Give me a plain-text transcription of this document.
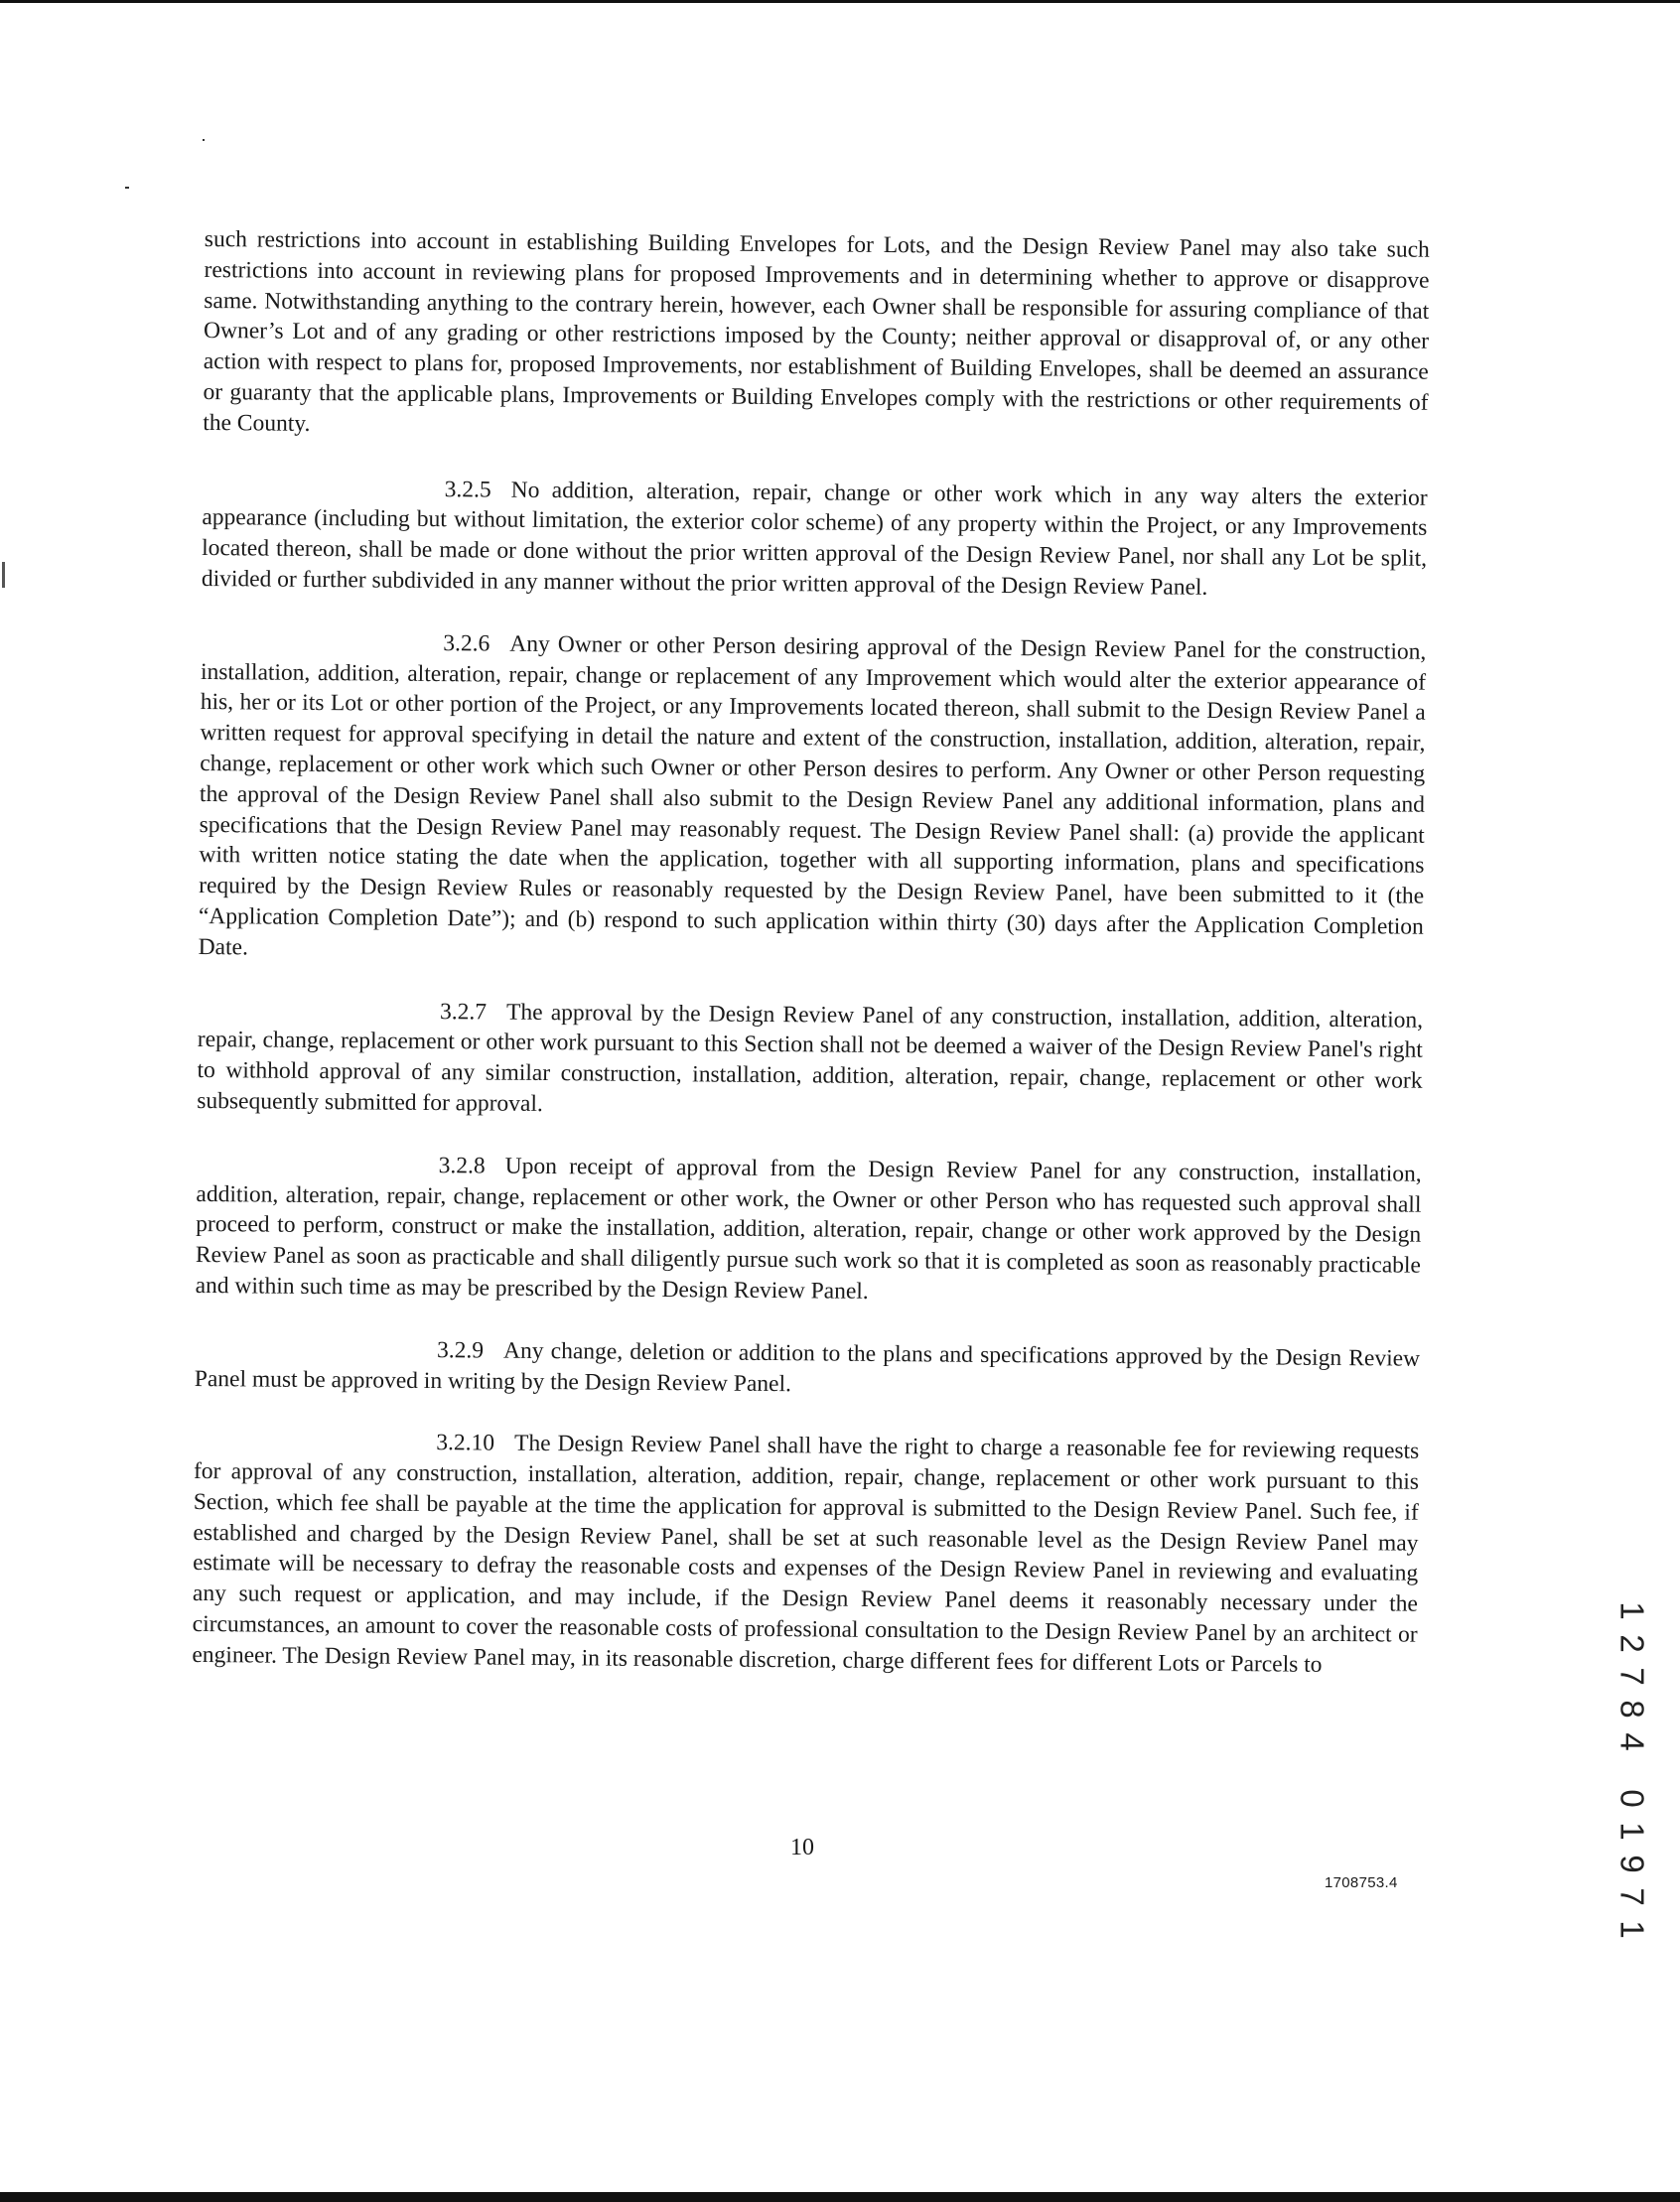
such restrictions into account in establishing Building Envelopes for Lots, and the Design Review Panel may also take such restrictions into account in reviewing plans for proposed Improvements and in determining whether to approve or disapprove same. Notwithstanding anything to the contrary herein, however, each Owner shall be responsible for assuring compliance of that Owner’s Lot and of any grading or other restrictions imposed by the County; neither approval or disapproval of, or any other action with respect to plans for, proposed Improvements, nor establishment of Building Envelopes, shall be deemed an assurance or guaranty that the applicable plans, Improvements or Building Envelopes comply with the restrictions or other requirements of the County.

3.2.5 No addition, alteration, repair, change or other work which in any way alters the exterior appearance (including but without limitation, the exterior color scheme) of any property within the Project, or any Improvements located thereon, shall be made or done without the prior written approval of the Design Review Panel, nor shall any Lot be split, divided or further subdivided in any manner without the prior written approval of the Design Review Panel.

3.2.6 Any Owner or other Person desiring approval of the Design Review Panel for the construction, installation, addition, alteration, repair, change or replacement of any Improvement which would alter the exterior appearance of his, her or its Lot or other portion of the Project, or any Improvements located thereon, shall submit to the Design Review Panel a written request for approval specifying in detail the nature and extent of the construction, installation, addition, alteration, repair, change, replacement or other work which such Owner or other Person desires to perform. Any Owner or other Person requesting the approval of the Design Review Panel shall also submit to the Design Review Panel any additional information, plans and specifications that the Design Review Panel may reasonably request. The Design Review Panel shall: (a) provide the applicant with written notice stating the date when the application, together with all supporting information, plans and specifications required by the Design Review Rules or reasonably requested by the Design Review Panel, have been submitted to it (the “Application Completion Date”); and (b) respond to such application within thirty (30) days after the Application Completion Date.

3.2.7 The approval by the Design Review Panel of any construction, installation, addition, alteration, repair, change, replacement or other work pursuant to this Section shall not be deemed a waiver of the Design Review Panel's right to withhold approval of any similar construction, installation, addition, alteration, repair, change, replacement or other work subsequently submitted for approval.

3.2.8 Upon receipt of approval from the Design Review Panel for any construction, installation, addition, alteration, repair, change, replacement or other work, the Owner or other Person who has requested such approval shall proceed to perform, construct or make the installation, addition, alteration, repair, change or other work approved by the Design Review Panel as soon as practicable and shall diligently pursue such work so that it is completed as soon as reasonably practicable and within such time as may be prescribed by the Design Review Panel.

3.2.9 Any change, deletion or addition to the plans and specifications approved by the Design Review Panel must be approved in writing by the Design Review Panel.

3.2.10 The Design Review Panel shall have the right to charge a reasonable fee for reviewing requests for approval of any construction, installation, alteration, addition, repair, change, replacement or other work pursuant to this Section, which fee shall be payable at the time the application for approval is submitted to the Design Review Panel. Such fee, if established and charged by the Design Review Panel, shall be set at such reasonable level as the Design Review Panel may estimate will be necessary to defray the reasonable costs and expenses of the Design Review Panel in reviewing and evaluating any such request or application, and may include, if the Design Review Panel deems it reasonably necessary under the circumstances, an amount to cover the reasonable costs of professional consultation to the Design Review Panel by an architect or engineer. The Design Review Panel may, in its reasonable discretion, charge different fees for different Lots or Parcels to

10
1708753.4
1
2
7
8
4
0
1
9
7
1
